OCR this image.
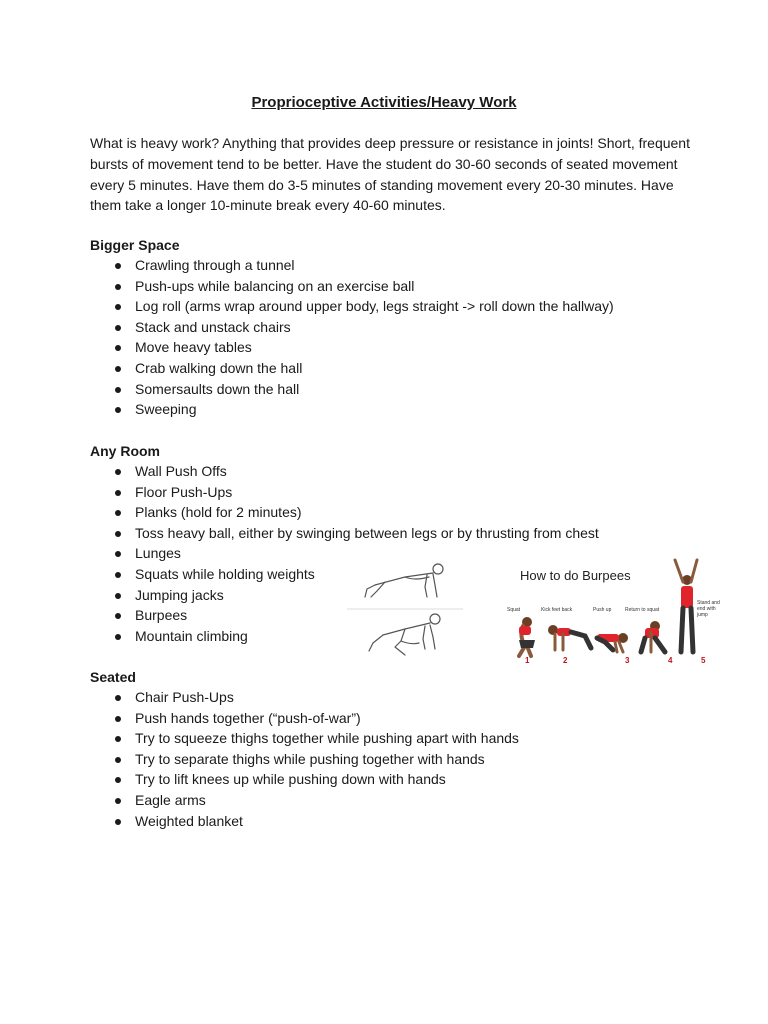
Proprioceptive Activities/Heavy Work

What is heavy work? Anything that provides deep pressure or resistance in joints! Short, frequent bursts of movement tend to be better. Have the student do 30-60 seconds of seated movement every 5 minutes. Have them do 3-5 minutes of standing movement every 20-30 minutes. Have them take a longer 10-minute break every 40-60 minutes.

Bigger Space
Crawling through a tunnel
Push-ups while balancing on an exercise ball
Log roll (arms wrap around upper body, legs straight -> roll down the hallway)
Stack and unstack chairs
Move heavy tables
Crab walking down the hall
Somersaults down the hall
Sweeping
Any Room
Wall Push Offs
Floor Push-Ups
Planks (hold for 2 minutes)
Toss heavy ball, either by swinging between legs or by thrusting from chest
Lunges
Squats while holding weights
Jumping jacks
Burpees
Mountain climbing
Seated
Chair Push-Ups
Push hands together (“push-of-war”)
Try to squeeze thighs together while pushing apart with hands
Try to separate thighs while pushing together with hands
Try to lift knees up while pushing down with hands
Eagle arms
Weighted blanket

How to do Burpees

Squat	Kick feet back	Push up	Return to squat

Stand and end with jump

1	2	3	4	5
